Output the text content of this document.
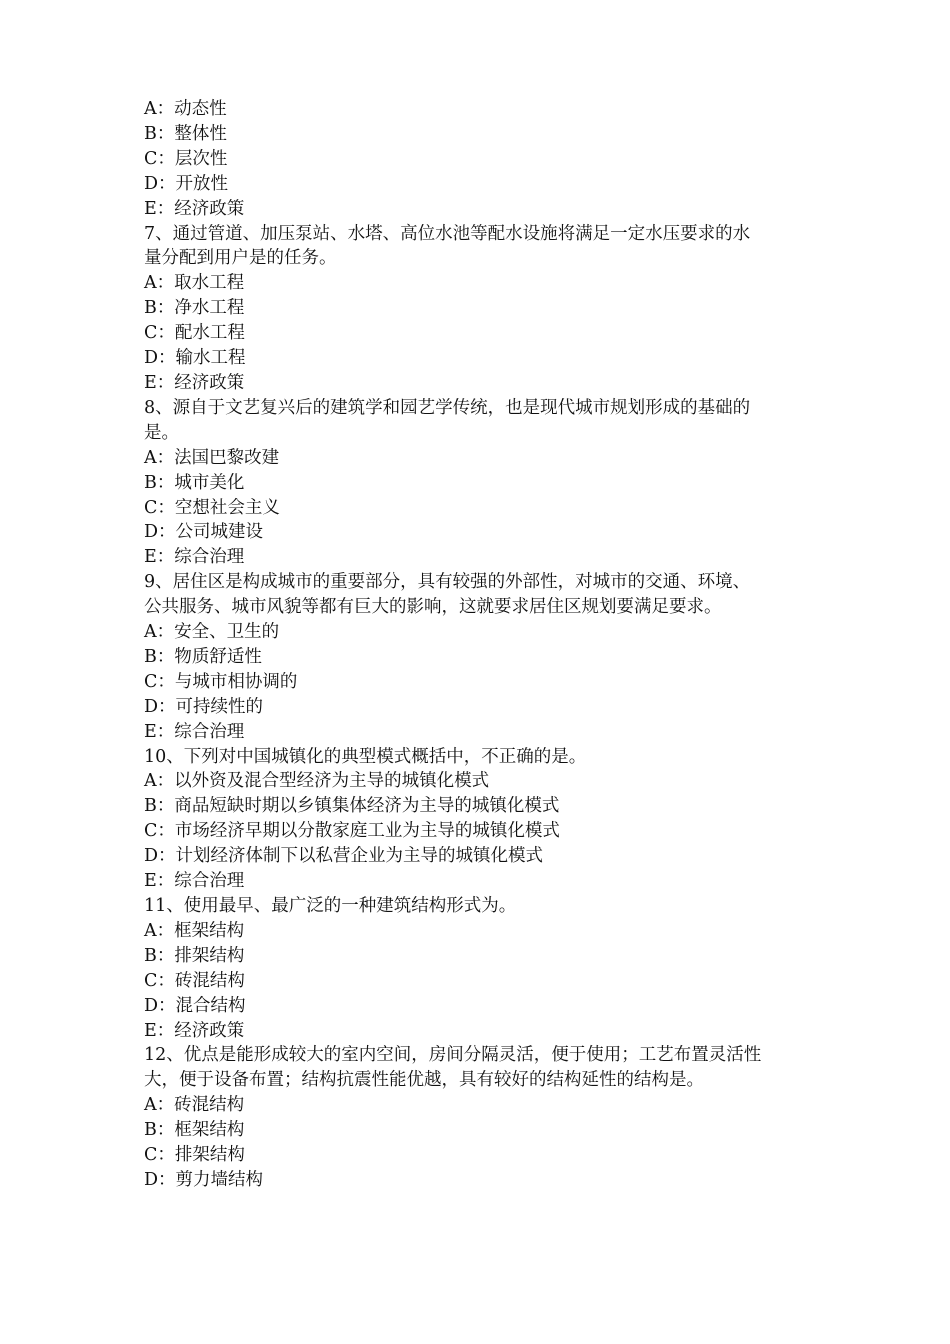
A：动态性

B：整体性

C：层次性

D：开放性

E：经济政策

7、通过管道、加压泵站、水塔、高位水池等配水设施将满足一定水压要求的水

量分配到用户是的任务。

A：取水工程

B：净水工程

C：配水工程

D：输水工程

E：经济政策

8、源自于文艺复兴后的建筑学和园艺学传统，也是现代城市规划形成的基础的

是。

A：法国巴黎改建

B：城市美化

C：空想社会主义

D：公司城建设

E：综合治理

9、居住区是构成城市的重要部分，具有较强的外部性，对城市的交通、环境、

公共服务、城市风貌等都有巨大的影响，这就要求居住区规划要满足要求。

A：安全、卫生的

B：物质舒适性

C：与城市相协调的

D：可持续性的

E：综合治理

10、下列对中国城镇化的典型模式概括中，不正确的是。

A：以外资及混合型经济为主导的城镇化模式

B：商品短缺时期以乡镇集体经济为主导的城镇化模式

C：市场经济早期以分散家庭工业为主导的城镇化模式

D：计划经济体制下以私营企业为主导的城镇化模式

E：综合治理

11、使用最早、最广泛的一种建筑结构形式为。

A：框架结构

B：排架结构

C：砖混结构

D：混合结构

E：经济政策

12、优点是能形成较大的室内空间，房间分隔灵活，便于使用；工艺布置灵活性

大，便于设备布置；结构抗震性能优越，具有较好的结构延性的结构是。

A：砖混结构

B：框架结构

C：排架结构

D：剪力墙结构
